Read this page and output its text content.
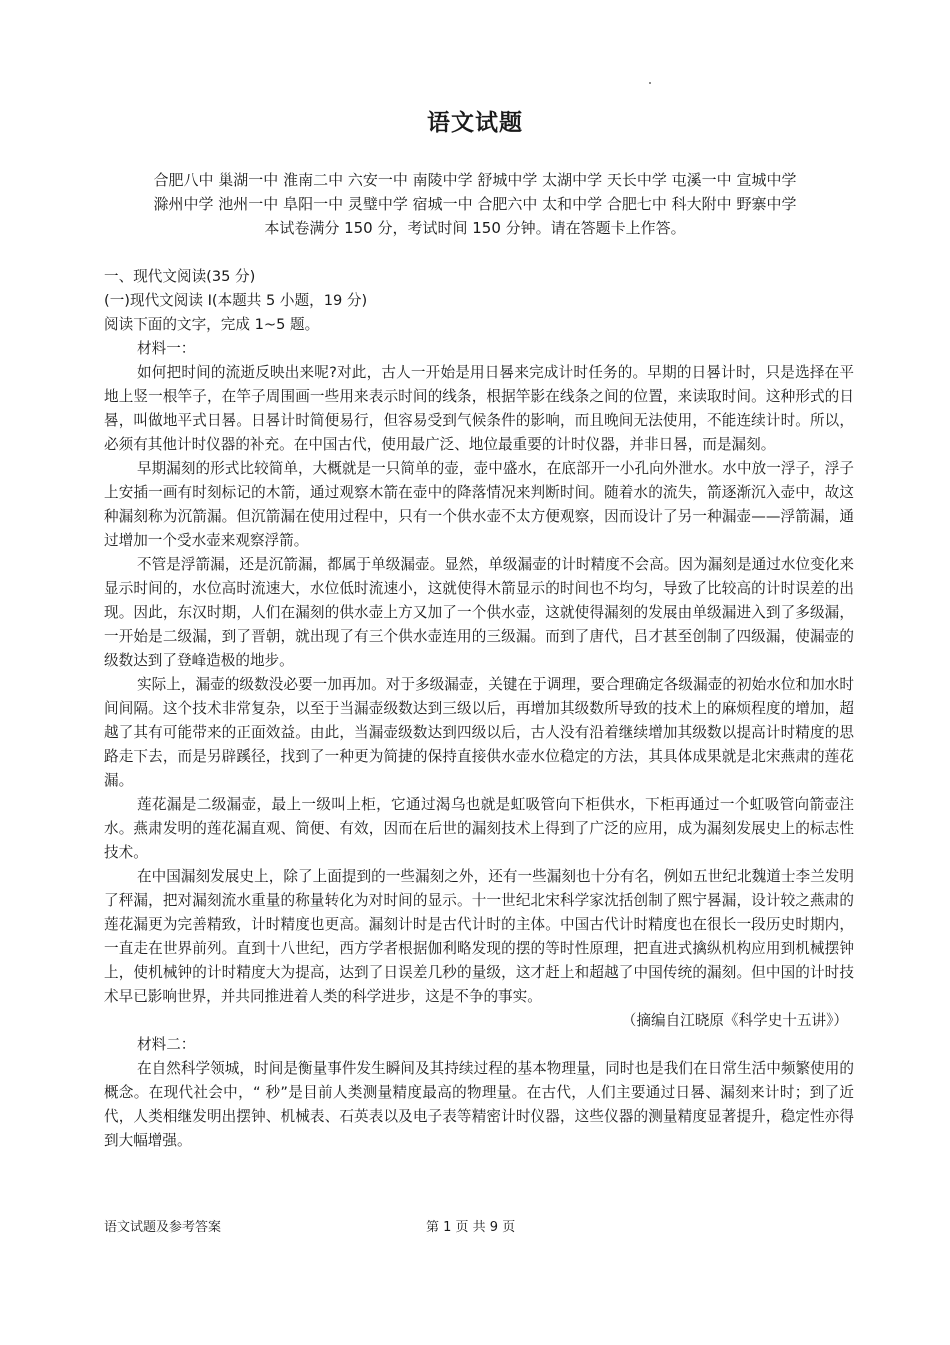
语文试题
合肥八中 巢湖一中 淮南二中 六安一中 南陵中学 舒城中学 太湖中学 天长中学 屯溪一中 宣城中学
滁州中学 池州一中 阜阳一中 灵璧中学 宿城一中 合肥六中 太和中学 合肥七中 科大附中 野寨中学
本试卷满分 150 分，考试时间 150 分钟。请在答题卡上作答。

一、现代文阅读(35 分)

(一)现代文阅读 I(本题共 5 小题，19 分)

阅读下面的文字，完成 1~5 题。

材料一：

如何把时间的流逝反映出来呢?对此，古人一开始是用日晷来完成计时任务的。早期的日晷计时，只是选择在平地上竖一根竿子，在竿子周围画一些用来表示时间的线条，根据竿影在线条之间的位置，来读取时间。这种形式的日晷，叫做地平式日晷。日晷计时简便易行，但容易受到气候条件的影响，而且晚间无法使用，不能连续计时。所以，必须有其他计时仪器的补充。在中国古代，使用最广泛、地位最重要的计时仪器，并非日晷，而是漏刻。

早期漏刻的形式比较简单，大概就是一只简单的壶，壶中盛水，在底部开一小孔向外泄水。水中放一浮子，浮子上安插一画有时刻标记的木箭，通过观察木箭在壶中的降落情况来判断时间。随着水的流失，箭逐渐沉入壶中，故这种漏刻称为沉箭漏。但沉箭漏在使用过程中，只有一个供水壶不太方便观察，因而设计了另一种漏壶——浮箭漏，通过增加一个受水壶来观察浮箭。

不管是浮箭漏，还是沉箭漏，都属于单级漏壶。显然，单级漏壶的计时精度不会高。因为漏刻是通过水位变化来显示时间的，水位高时流速大，水位低时流速小，这就使得木箭显示的时间也不均匀，导致了比较高的计时误差的出现。因此，东汉时期，人们在漏刻的供水壶上方又加了一个供水壶，这就使得漏刻的发展由单级漏进入到了多级漏，一开始是二级漏，到了晋朝，就出现了有三个供水壶连用的三级漏。而到了唐代，吕才甚至创制了四级漏，使漏壶的级数达到了登峰造极的地步。

实际上，漏壶的级数没必要一加再加。对于多级漏壶，关键在于调理，要合理确定各级漏壶的初始水位和加水时间间隔。这个技术非常复杂，以至于当漏壶级数达到三级以后，再增加其级数所导致的技术上的麻烦程度的增加，超越了其有可能带来的正面效益。由此，当漏壶级数达到四级以后，古人没有沿着继续增加其级数以提高计时精度的思路走下去，而是另辟蹊径，找到了一种更为简捷的保持直接供水壶水位稳定的方法，其具体成果就是北宋燕肃的莲花漏。

莲花漏是二级漏壶，最上一级叫上柜，它通过渴乌也就是虹吸管向下柜供水，下柜再通过一个虹吸管向箭壶注水。燕肃发明的莲花漏直观、简便、有效，因而在后世的漏刻技术上得到了广泛的应用，成为漏刻发展史上的标志性技术。

在中国漏刻发展史上，除了上面提到的一些漏刻之外，还有一些漏刻也十分有名，例如五世纪北魏道士李兰发明了秤漏，把对漏刻流水重量的称量转化为对时间的显示。十一世纪北宋科学家沈括创制了熙宁晷漏，设计较之燕肃的莲花漏更为完善精致，计时精度也更高。漏刻计时是古代计时的主体。中国古代计时精度也在很长一段历史时期内，一直走在世界前列。直到十八世纪，西方学者根据伽利略发现的摆的等时性原理，把直进式擒纵机构应用到机械摆钟上，使机械钟的计时精度大为提高，达到了日误差几秒的量级，这才赶上和超越了中国传统的漏刻。但中国的计时技术早已影响世界，并共同推进着人类的科学进步，这是不争的事实。

（摘编自江晓原《科学史十五讲》）

材料二：

在自然科学领城，时间是衡量事件发生瞬间及其持续过程的基本物理量，同时也是我们在日常生活中频繁使用的概念。在现代社会中，“ 秒”是目前人类测量精度最高的物理量。在古代，人们主要通过日晷、漏刻来计时；到了近代，人类相继发明出摆钟、机械表、石英表以及电子表等精密计时仪器，这些仪器的测量精度显著提升，稳定性亦得到大幅增强。

语文试题及参考答案	第 1 页 共 9 页
